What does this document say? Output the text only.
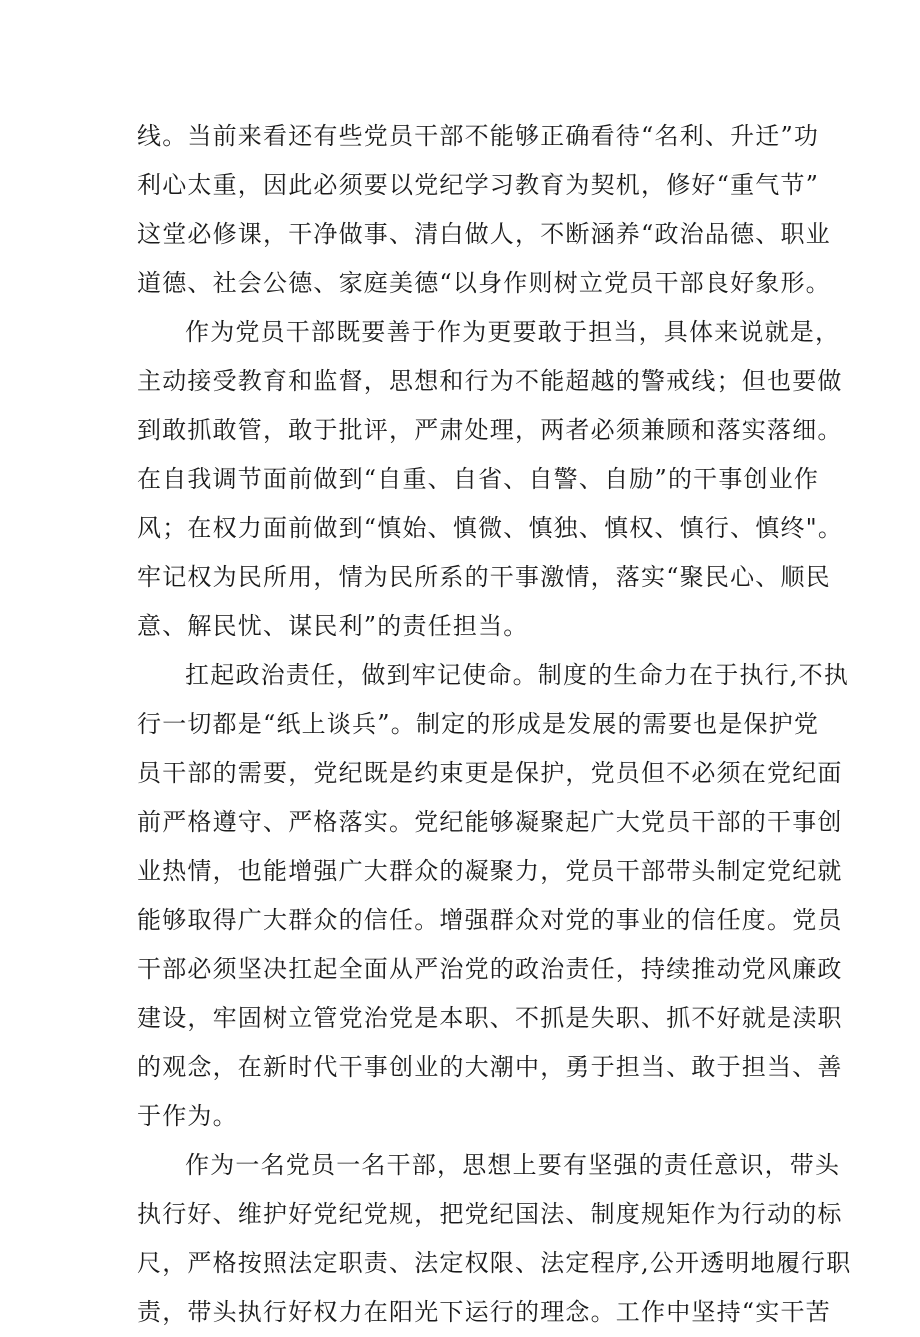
线。当前来看还有些党员干部不能够正确看待“名利、升迁”功
利心太重，因此必须要以党纪学习教育为契机，修好“重气节”
这堂必修课，干净做事、清白做人，不断涵养“政治品德、职业
道德、社会公德、家庭美德“以身作则树立党员干部良好象形。
作为党员干部既要善于作为更要敢于担当，具体来说就是，
主动接受教育和监督，思想和行为不能超越的警戒线；但也要做
到敢抓敢管，敢于批评，严肃处理，两者必须兼顾和落实落细。
在自我调节面前做到“自重、自省、自警、自励”的干事创业作
风；在权力面前做到“慎始、慎微、慎独、慎权、慎行、慎终"。
牢记权为民所用，情为民所系的干事激情，落实“聚民心、顺民
意、解民忧、谋民利”的责任担当。
扛起政治责任，做到牢记使命。制度的生命力在于执行,不执
行一切都是“纸上谈兵”。制定的形成是发展的需要也是保护党
员干部的需要，党纪既是约束更是保护，党员但不必须在党纪面
前严格遵守、严格落实。党纪能够凝聚起广大党员干部的干事创
业热情，也能增强广大群众的凝聚力，党员干部带头制定党纪就
能够取得广大群众的信任。增强群众对党的事业的信任度。党员
干部必须坚决扛起全面从严治党的政治责任，持续推动党风廉政
建设，牢固树立管党治党是本职、不抓是失职、抓不好就是渎职
的观念，在新时代干事创业的大潮中，勇于担当、敢于担当、善
于作为。
作为一名党员一名干部，思想上要有坚强的责任意识，带头
执行好、维护好党纪党规，把党纪国法、制度规矩作为行动的标
尺，严格按照法定职责、法定权限、法定程序,公开透明地履行职
责，带头执行好权力在阳光下运行的理念。工作中坚持“实干苦
